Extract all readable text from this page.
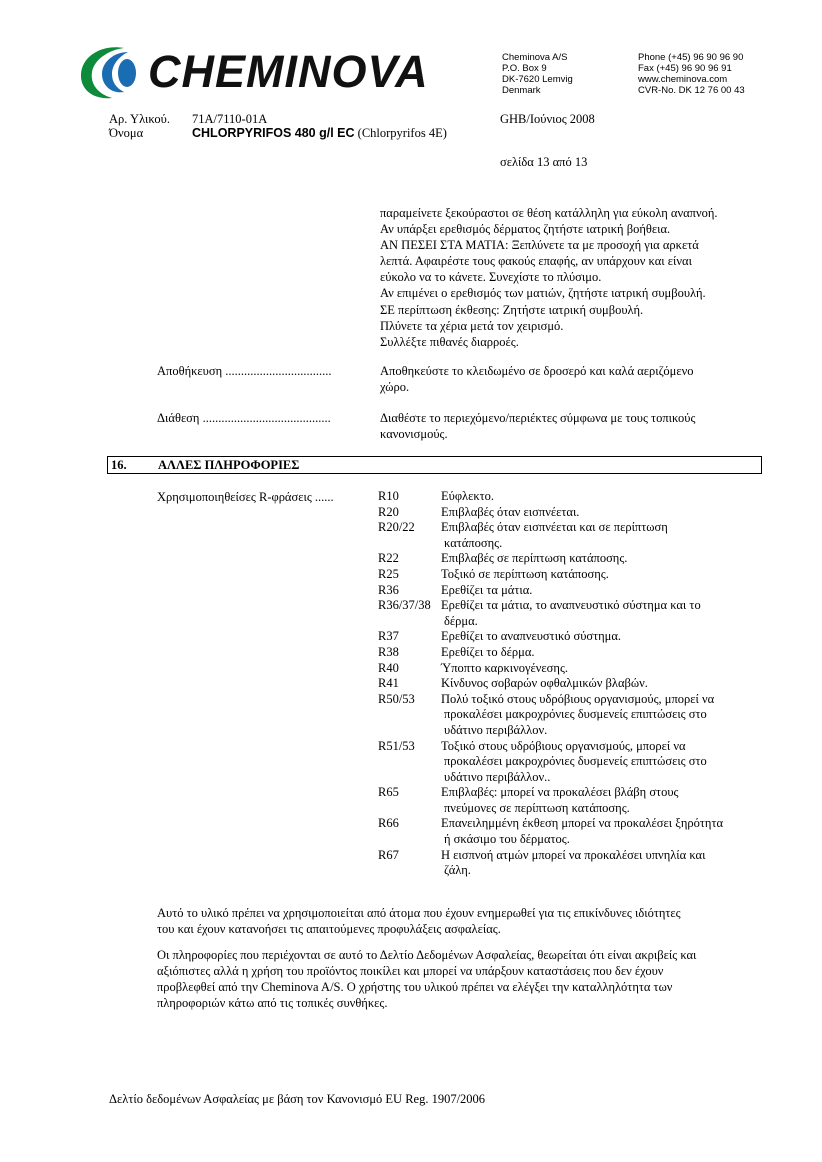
CHEMINOVA	Cheminova A/S
P.O. Box 9
DK-7620 Lemvig
Denmark
Phone (+45) 96 90 96 90
Fax (+45) 96 90 96 91
www.cheminova.com
CVR-No. DK 12 76 00 43
Αρ. Υλικού. 71A/7110-01A
Όνομα	CHLORPYRIFOS 480 g/l EC (Chlorpyrifos 4E)
GHB/Ιούνιος 2008
σελίδα 13 από 13
παραμείνετε ξεκούραστοι σε θέση κατάλληλη για εύκολη αναπνοή.
Αν υπάρξει ερεθισμός δέρματος ζητήστε ιατρική βοήθεια.
ΑΝ ΠΕΣΕΙ ΣΤΑ ΜΑΤΙΑ: Ξεπλύνετε τα με προσοχή για αρκετά
λεπτά. Αφαιρέστε τους φακούς επαφής, αν υπάρχουν και είναι
εύκολο να το κάνετε. Συνεχίστε το πλύσιμο.
Αν επιμένει ο ερεθισμός των ματιών, ζητήστε ιατρική συμβουλή.
ΣΕ περίπτωση έκθεσης: Ζητήστε ιατρική συμβουλή.
Πλύνετε τα χέρια μετά τον χειρισμό.
Συλλέξτε πιθανές διαρροές.
Αποθήκευση ..................................	Αποθηκεύστε το κλειδωμένο σε δροσερό και καλά αεριζόμενο
χώρο.
Διάθεση .........................................	Διαθέστε το περιεχόμενο/περιέκτες σύμφωνα με τους τοπικούς
κανονισμούς.
16.	ΑΛΛΕΣ ΠΛΗΡΟΦΟΡΙΕΣ
Χρησιμοποιηθείσες R-φράσεις ......	R10	Εύφλεκτο.
R20	Επιβλαβές όταν εισπνέεται.
R20/22	Επιβλαβές όταν εισπνέεται και σε περίπτωση
κατάποσης.
R22	Επιβλαβές σε περίπτωση κατάποσης.
R25	Τοξικό σε περίπτωση κατάποσης.
R36	Ερεθίζει τα μάτια.
R36/37/38 Ερεθίζει τα μάτια, το αναπνευστικό σύστημα και το
δέρμα.
R37	Ερεθίζει το αναπνευστικό σύστημα.
R38	Ερεθίζει το δέρμα.
R40	Ύποπτο καρκινογένεσης.
R41	Κίνδυνος σοβαρών οφθαλμικών βλαβών.
R50/53	Πολύ τοξικό στους υδρόβιους οργανισμούς, μπορεί να
προκαλέσει μακροχρόνιες δυσμενείς επιπτώσεις στο
υδάτινο περιβάλλον.
R51/53	Τοξικό στους υδρόβιους οργανισμούς, μπορεί να
προκαλέσει μακροχρόνιες δυσμενείς επιπτώσεις στο
υδάτινο περιβάλλον..
R65	Επιβλαβές: μπορεί να προκαλέσει βλάβη στους
πνεύμονες σε περίπτωση κατάποσης.
R66	Επανειλημμένη έκθεση μπορεί να προκαλέσει ξηρότητα
ή σκάσιμο του δέρματος.
R67	Η εισπνοή ατμών μπορεί να προκαλέσει υπνηλία και
ζάλη.
Αυτό το υλικό πρέπει να χρησιμοποιείται από άτομα που έχουν ενημερωθεί για τις επικίνδυνες ιδιότητες
του και έχουν κατανοήσει τις απαιτούμενες προφυλάξεις ασφαλείας.
Οι πληροφορίες που περιέχονται σε αυτό το Δελτίο Δεδομένων Ασφαλείας, θεωρείται ότι είναι ακριβείς και
αξιόπιστες αλλά η χρήση του προϊόντος ποικίλει και μπορεί να υπάρξουν καταστάσεις που δεν έχουν
προβλεφθεί από την Cheminova A/S. Ο χρήστης του υλικού πρέπει να ελέγξει την καταλληλότητα των
πληροφοριών κάτω από τις τοπικές συνθήκες.
Δελτίο δεδομένων Ασφαλείας με βάση τον Κανονισμό EU Reg. 1907/2006
